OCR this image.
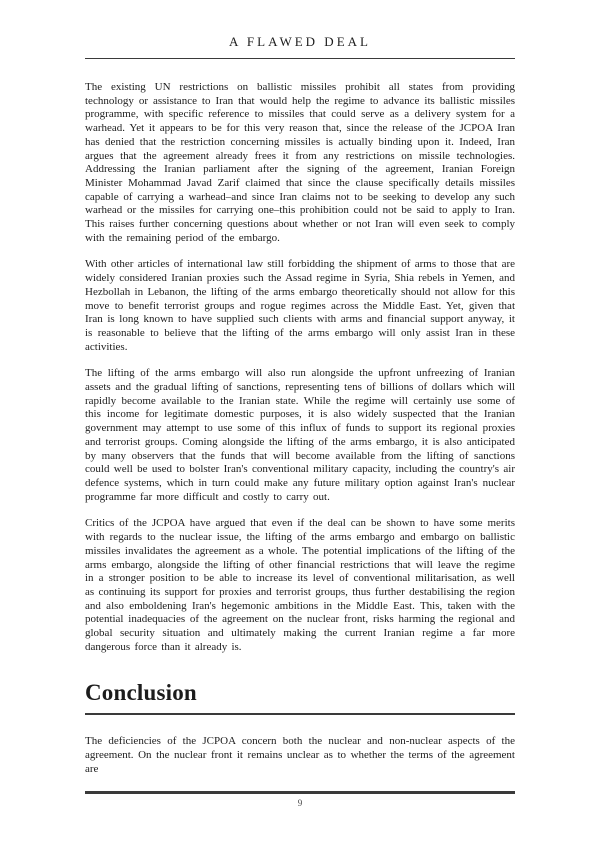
A FLAWED DEAL

The existing UN restrictions on ballistic missiles prohibit all states from providing technology or assistance to Iran that would help the regime to advance its ballistic missiles programme, with specific reference to missiles that could serve as a delivery system for a warhead. Yet it appears to be for this very reason that, since the release of the JCPOA Iran has denied that the restriction concerning missiles is actually binding upon it. Indeed, Iran argues that the agreement already frees it from any restrictions on missile technologies. Addressing the Iranian parliament after the signing of the agreement, Iranian Foreign Minister Mohammad Javad Zarif claimed that since the clause specifically details missiles capable of carrying a warhead–and since Iran claims not to be seeking to develop any such warhead or the missiles for carrying one–this prohibition could not be said to apply to Iran. This raises further concerning questions about whether or not Iran will even seek to comply with the remaining period of the embargo.

With other articles of international law still forbidding the shipment of arms to those that are widely considered Iranian proxies such the Assad regime in Syria, Shia rebels in Yemen, and Hezbollah in Lebanon, the lifting of the arms embargo theoretically should not allow for this move to benefit terrorist groups and rogue regimes across the Middle East. Yet, given that Iran is long known to have supplied such clients with arms and financial support anyway, it is reasonable to believe that the lifting of the arms embargo will only assist Iran in these activities.

The lifting of the arms embargo will also run alongside the upfront unfreezing of Iranian assets and the gradual lifting of sanctions, representing tens of billions of dollars which will rapidly become available to the Iranian state. While the regime will certainly use some of this income for legitimate domestic purposes, it is also widely suspected that the Iranian government may attempt to use some of this influx of funds to support its regional proxies and terrorist groups. Coming alongside the lifting of the arms embargo, it is also anticipated by many observers that the funds that will become available from the lifting of sanctions could well be used to bolster Iran's conventional military capacity, including the country's air defence systems, which in turn could make any future military option against Iran's nuclear programme far more difficult and costly to carry out.

Critics of the JCPOA have argued that even if the deal can be shown to have some merits with regards to the nuclear issue, the lifting of the arms embargo and embargo on ballistic missiles invalidates the agreement as a whole. The potential implications of the lifting of the arms embargo, alongside the lifting of other financial restrictions that will leave the regime in a stronger position to be able to increase its level of conventional militarisation, as well as continuing its support for proxies and terrorist groups, thus further destabilising the region and also emboldening Iran's hegemonic ambitions in the Middle East. This, taken with the potential inadequacies of the agreement on the nuclear front, risks harming the regional and global security situation and ultimately making the current Iranian regime a far more dangerous force than it already is.

Conclusion

The deficiencies of the JCPOA concern both the nuclear and non-nuclear aspects of the agreement. On the nuclear front it remains unclear as to whether the terms of the agreement are

9
